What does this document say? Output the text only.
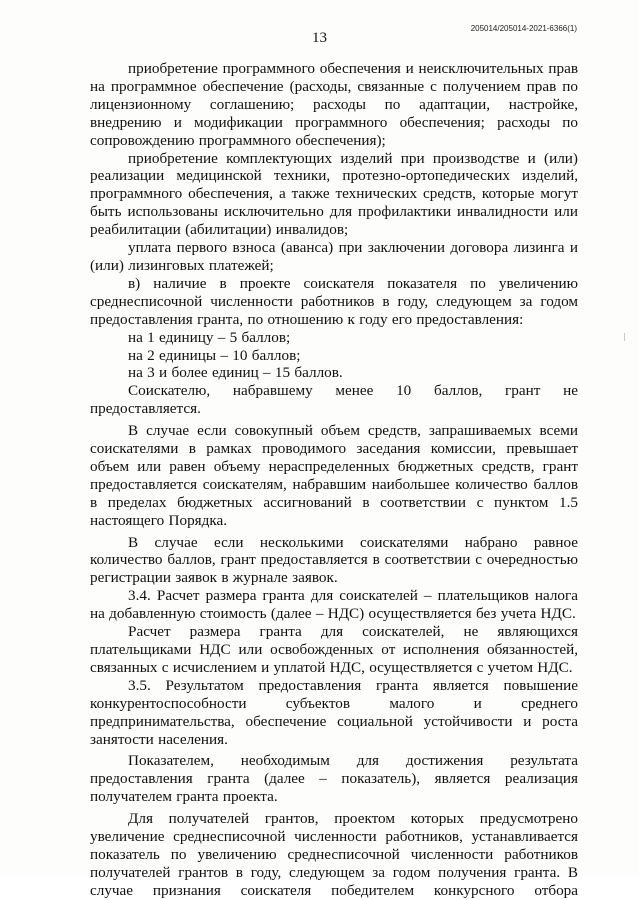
205014/205014-2021-6366(1)
13

приобретение программного обеспечения и неисключительных прав на программное обеспечение (расходы, связанные с получением прав по лицензионному соглашению; расходы по адаптации, настройке, внедрению и модификации программного обеспечения; расходы по сопровождению программного обеспечения);

приобретение комплектующих изделий при производстве и (или) реализации медицинской техники, протезно-ортопедических изделий, программного обеспечения, а также технических средств, которые могут быть использованы исключительно для профилактики инвалидности или реабилитации (абилитации) инвалидов;

уплата первого взноса (аванса) при заключении договора лизинга и (или) лизинговых платежей;

в) наличие в проекте соискателя показателя по увеличению среднесписочной численности работников в году, следующем за годом предоставления гранта, по отношению к году его предоставления:

на 1 единицу – 5 баллов;

на 2 единицы – 10 баллов;

на 3 и более единиц – 15 баллов.

Соискателю, набравшему менее 10 баллов, грант не предоставляется.

В случае если совокупный объем средств, запрашиваемых всеми соискателями в рамках проводимого заседания комиссии, превышает объем или равен объему нераспределенных бюджетных средств, грант предоставляется соискателям, набравшим наибольшее количество баллов в пределах бюджетных ассигнований в соответствии с пунктом 1.5 настоящего Порядка.

В случае если несколькими соискателями набрано равное количество баллов, грант предоставляется в соответствии с очередностью регистрации заявок в журнале заявок.

3.4. Расчет размера гранта для соискателей – плательщиков налога на добавленную стоимость (далее – НДС) осуществляется без учета НДС.

Расчет размера гранта для соискателей, не являющихся плательщиками НДС или освобожденных от исполнения обязанностей, связанных с исчислением и уплатой НДС, осуществляется с учетом НДС.

3.5. Результатом предоставления гранта является повышение конкурентоспособности субъектов малого и среднего предпринимательства, обеспечение социальной устойчивости и роста занятости населения.

Показателем, необходимым для достижения результата предоставления гранта (далее – показатель), является реализация получателем гранта проекта.

Для получателей грантов, проектом которых предусмотрено увеличение среднесписочной численности работников, устанавливается показатель по увеличению среднесписочной численности работников получателей грантов в году, следующем за годом получения гранта. В случае признания соискателя победителем конкурсного отбора
